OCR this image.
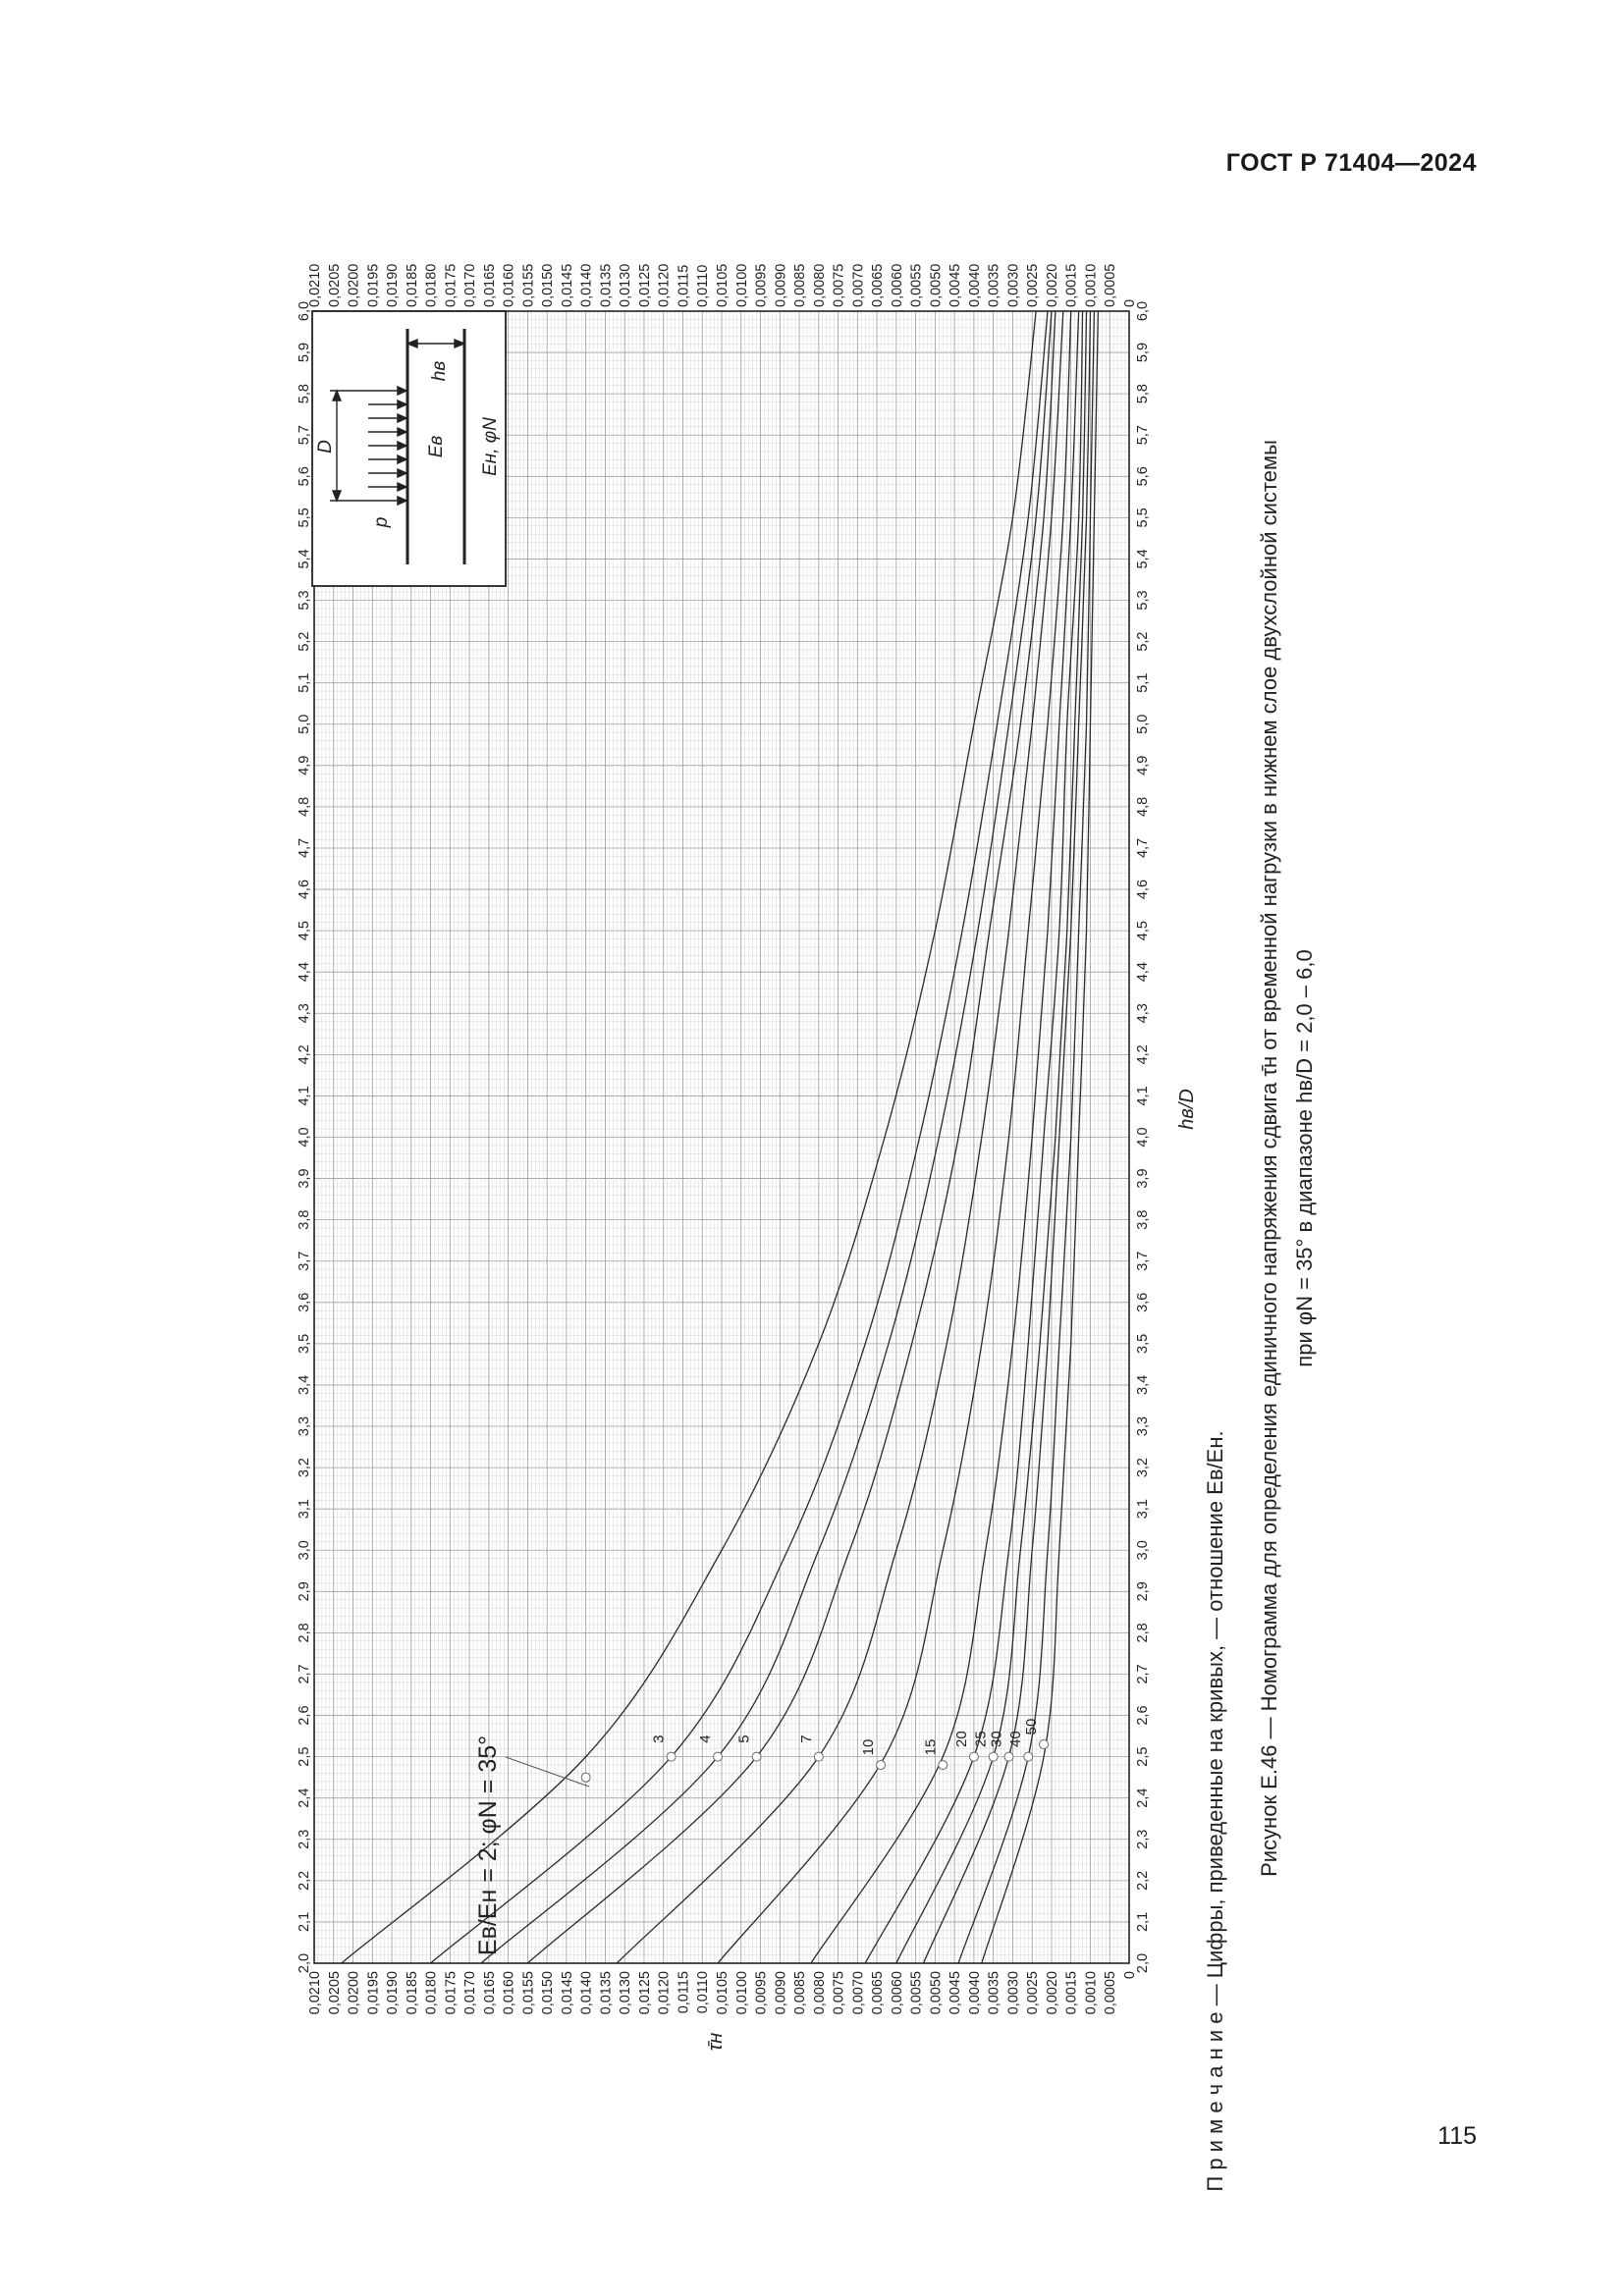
ГОСТ Р 71404—2024
115
3 4 5	7
10	15
20 25
30 40
50
2,0	2,0
2,1	2,1
2,2	2,2
2,3	2,3
2,4	2,4
2,5	2,5
2,6	2,6
2,7	2,7
2,8	2,8
2,9	2,9
3,0	3,0
3,1	3,1
3,2	3,2
3,3	3,3
3,4	3,4
3,5	3,5
3,6	3,6
3,7	3,7
3,8	3,8
3,9	3,9
4,0	4,0
4,1	4,1
4,2	4,2
4,3	4,3
4,4	4,4
4,5	4,5
4,6	4,6
4,7	4,7
4,8	4,8
4,9	4,9
5,0	5,0
5,1	5,1
5,2	5,2
5,3	5,3
5,4	5,4
5,5	5,5
5,6	5,6
5,7	5,7
5,8	5,8
5,9	5,9
6,0	6,0
0,0210
0,0210
0,0205
0,0205
0,0200
0,0200
0,0195
0,0195
0,0190
0,0190
0,0185
0,0185
0,0180
0,0180
0,0175
0,0175
0,0170
0,0170
0,0165
0,0165
0,0160
0,0160
0,0155
0,0155
0,0150
0,0150
0,0145
0,0145
0,0140
0,0140
0,0135
0,0135
0,0130
0,0130
0,0125
0,0125
0,0120
0,0120
0,0115
0,0115
0,0110
0,0110
0,0105
0,0105
0,0100
0,0100
0,0095
0,0095
0,0090
0,0090
0,0085
0,0085
0,0080
0,0080
0,0075
0,0075
0,0070
0,0070
0,0065
0,0065
0,0060
0,0060
0,0055
0,0055
0,0050
0,0050
0,0045
0,0045
0,0040
0,0040
0,0035
0,0035
0,0030
0,0030
0,0025
0,0025
0,0020
0,0020
0,0015
0,0015
0,0010
0,0010
0,0005
0,0005
0
0
p
D	Eв Eн, φN
hв
hв/D
τ̄н
Eв/Eн = 2; φN = 35°	П р и м е ч а н и е — Цифры, приведенные на кривых, — отношение Eв/Eн. Рисунок Е.46 — Номограмма для определения единичного напряжения сдвига τ̄н от временной нагрузки в нижнем слое двухслойной системы при φN = 35° в диапазоне hв/D = 2,0 – 6,0
